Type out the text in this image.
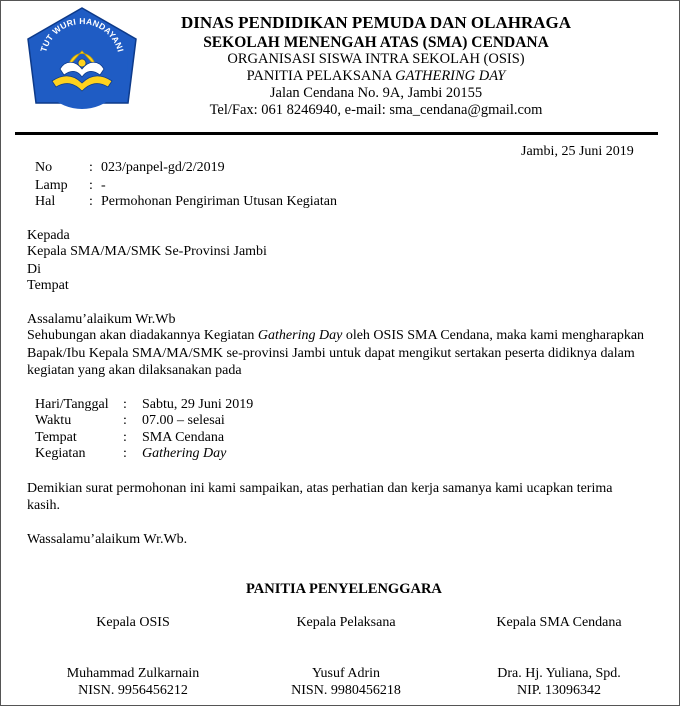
TUT WURI HANDAYANI
DINAS PENDIDIKAN PEMUDA DAN OLAHRAGA
SEKOLAH MENENGAH ATAS (SMA) CENDANA
ORGANISASI SISWA INTRA SEKOLAH (OSIS)
PANITIA PELAKSANA GATHERING DAY
Jalan Cendana No. 9A, Jambi 20155
Tel/Fax: 061 8246940, e-mail: sma_cendana@gmail.com
Jambi, 25 Juni 2019
No	: 023/panpel-gd/2/2019
Lamp : -
Hal : Permohonan Pengiriman Utusan Kegiatan
Kepada
Kepala SMA/MA/SMK Se-Provinsi Jambi
Di
Tempat
Assalamu’alaikum Wr.Wb
Sehubungan akan diadakannya Kegiatan Gathering Day oleh OSIS SMA Cendana, maka kami mengharapkan
Bapak/Ibu Kepala SMA/MA/SMK se-provinsi Jambi untuk dapat mengikut sertakan peserta didiknya dalam
kegiatan yang akan dilaksanakan pada
Hari/Tanggal : Sabtu, 29 Juni 2019
Waktu	: 07.00 – selesai
Tempat	: SMA Cendana
Kegiatan	: Gathering Day
Demikian surat permohonan ini kami sampaikan, atas perhatian dan kerja samanya kami ucapkan terima
kasih.
Wassalamu’alaikum Wr.Wb.
PANITIA PENYELENGGARA
Kepala OSIS	Kepala Pelaksana	Kepala SMA Cendana
Muhammad Zulkarnain	Yusuf Adrin	Dra. Hj. Yuliana, Spd.
NISN. 9956456212	NISN. 9980456218	NIP. 13096342
